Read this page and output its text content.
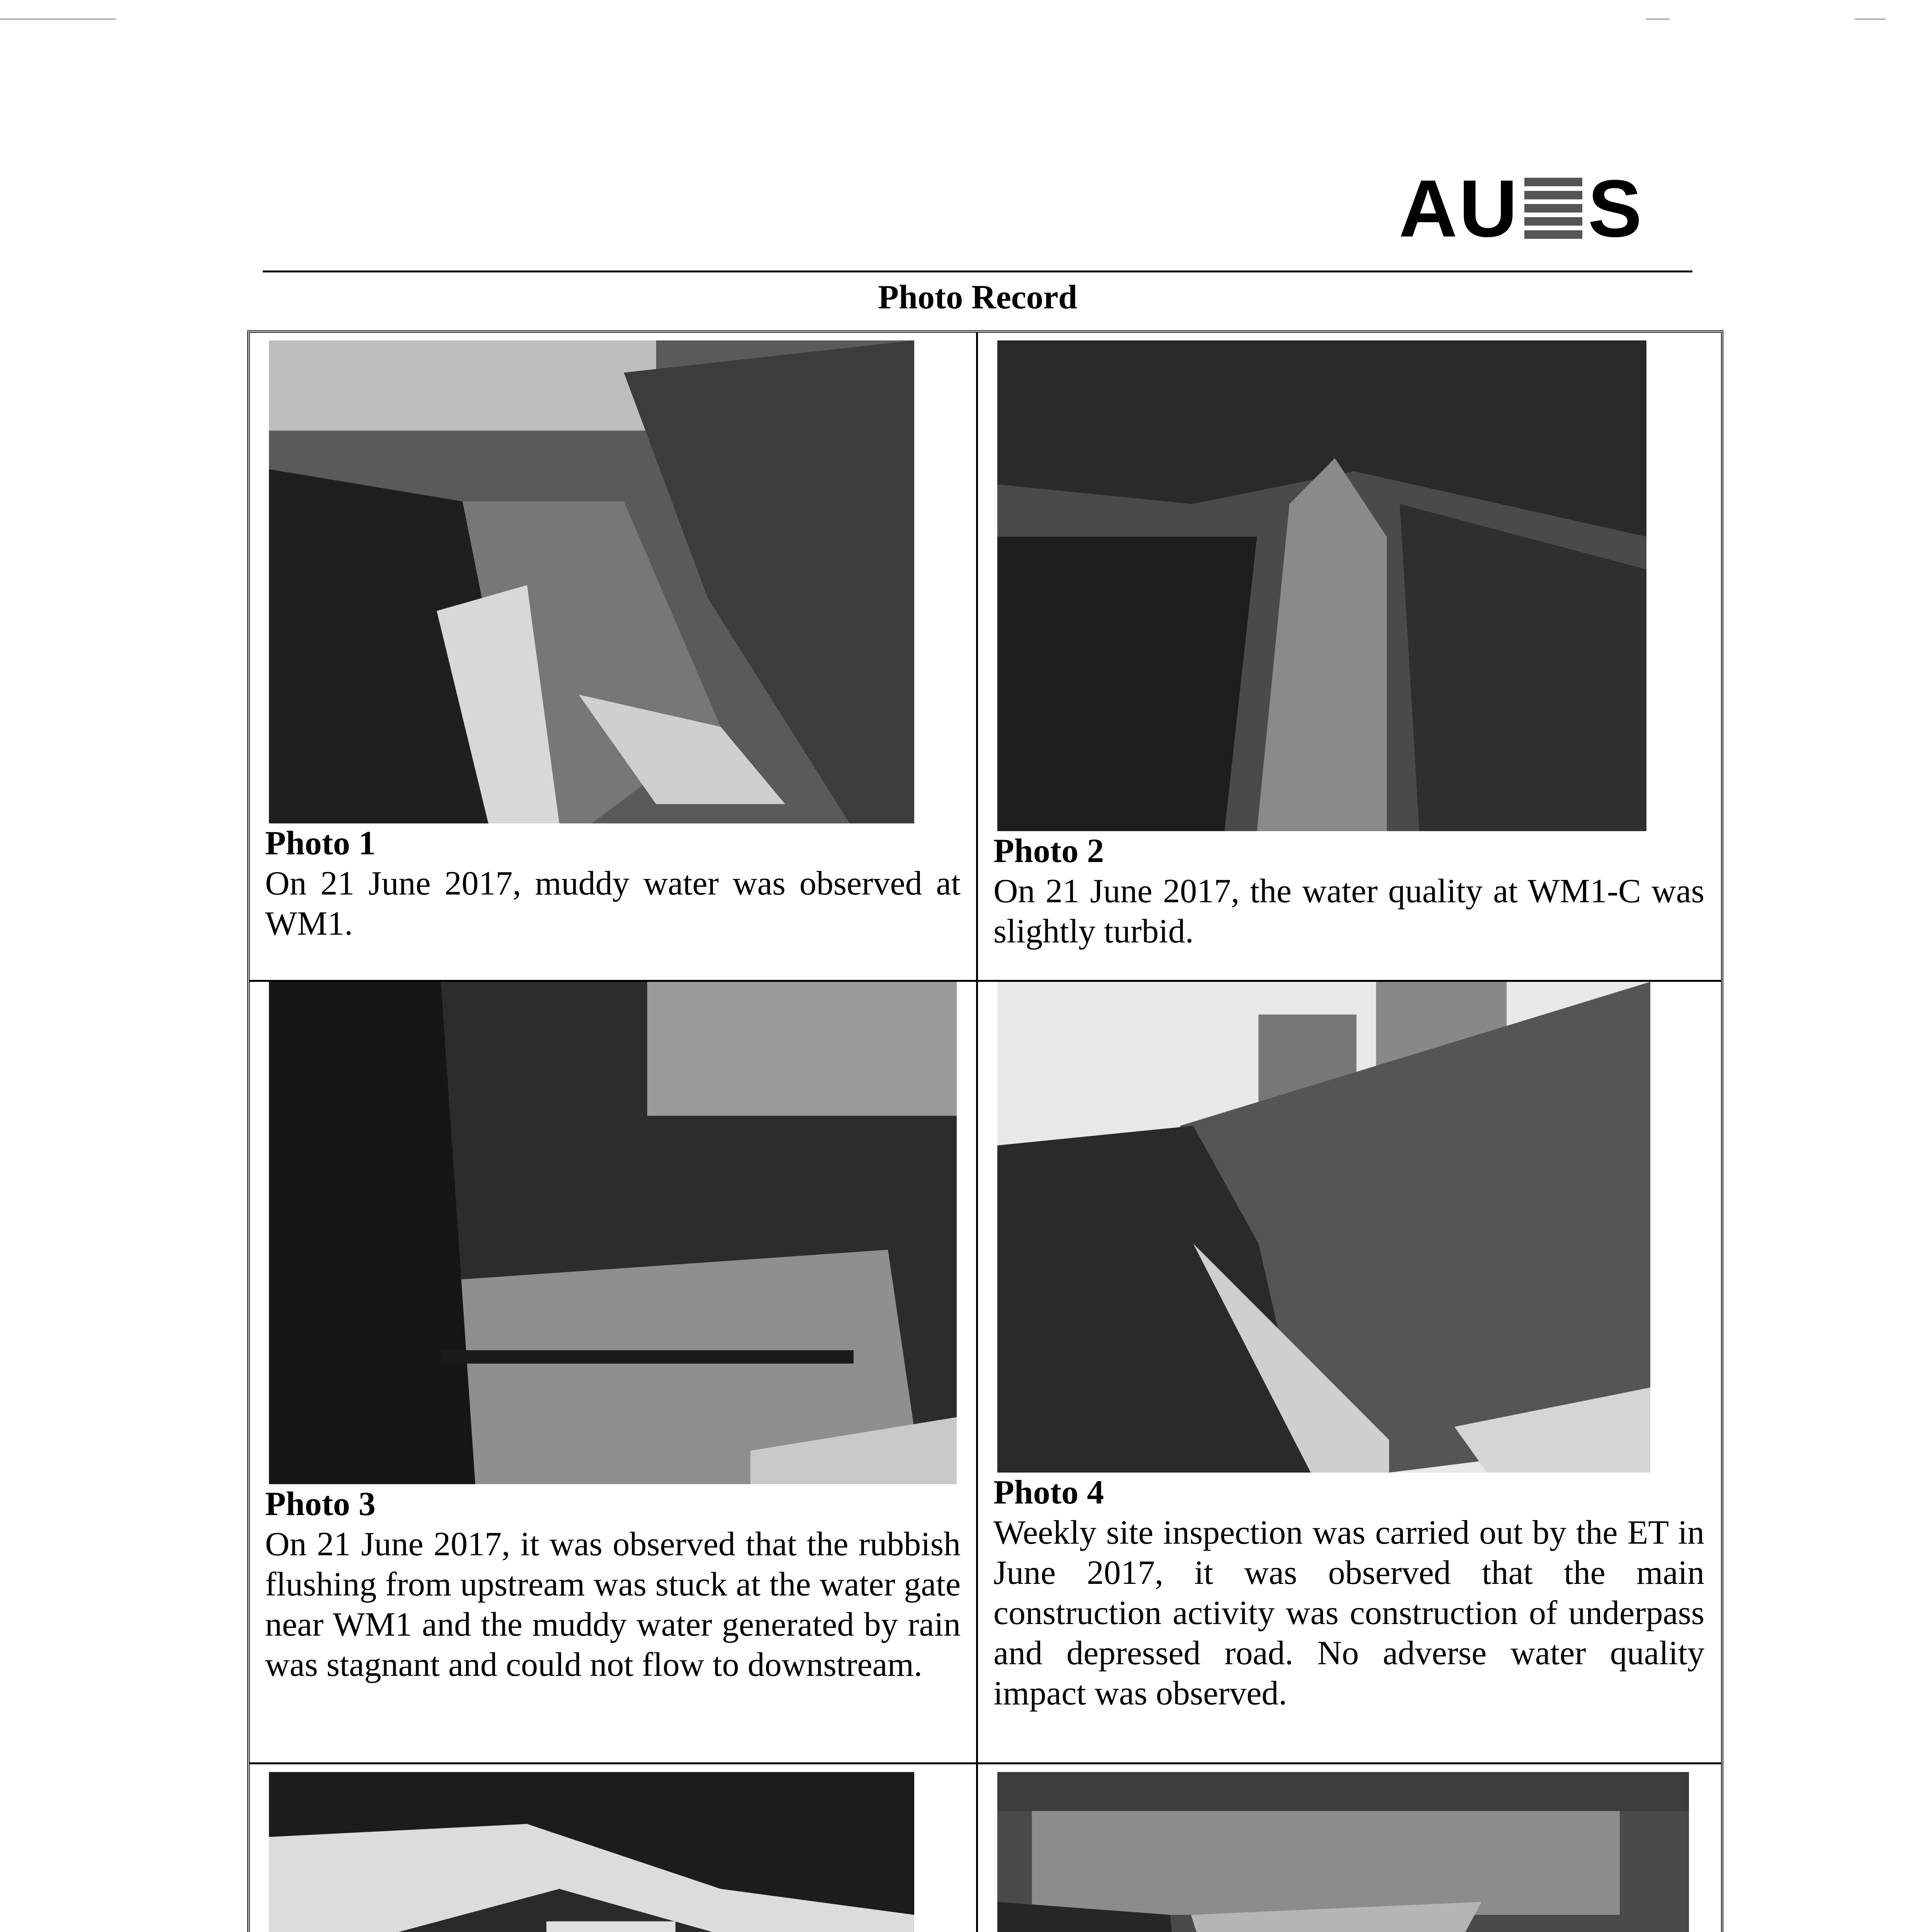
AU S
Photo Record
Photo 1
On 21 June 2017, muddy water was observed at WM1.
Photo 2
On 21 June 2017, the water quality at WM1-C was slightly turbid.
Photo 3
On 21 June 2017, it was observed that the rubbish flushing from upstream was stuck at the water gate near WM1 and the muddy water generated by rain was stagnant and could not flow to downstream.
Photo 4
Weekly site inspection was carried out by the ET in June 2017, it was observed that the main construction activity was construction of underpass and depressed road. No adverse water quality impact was observed.
